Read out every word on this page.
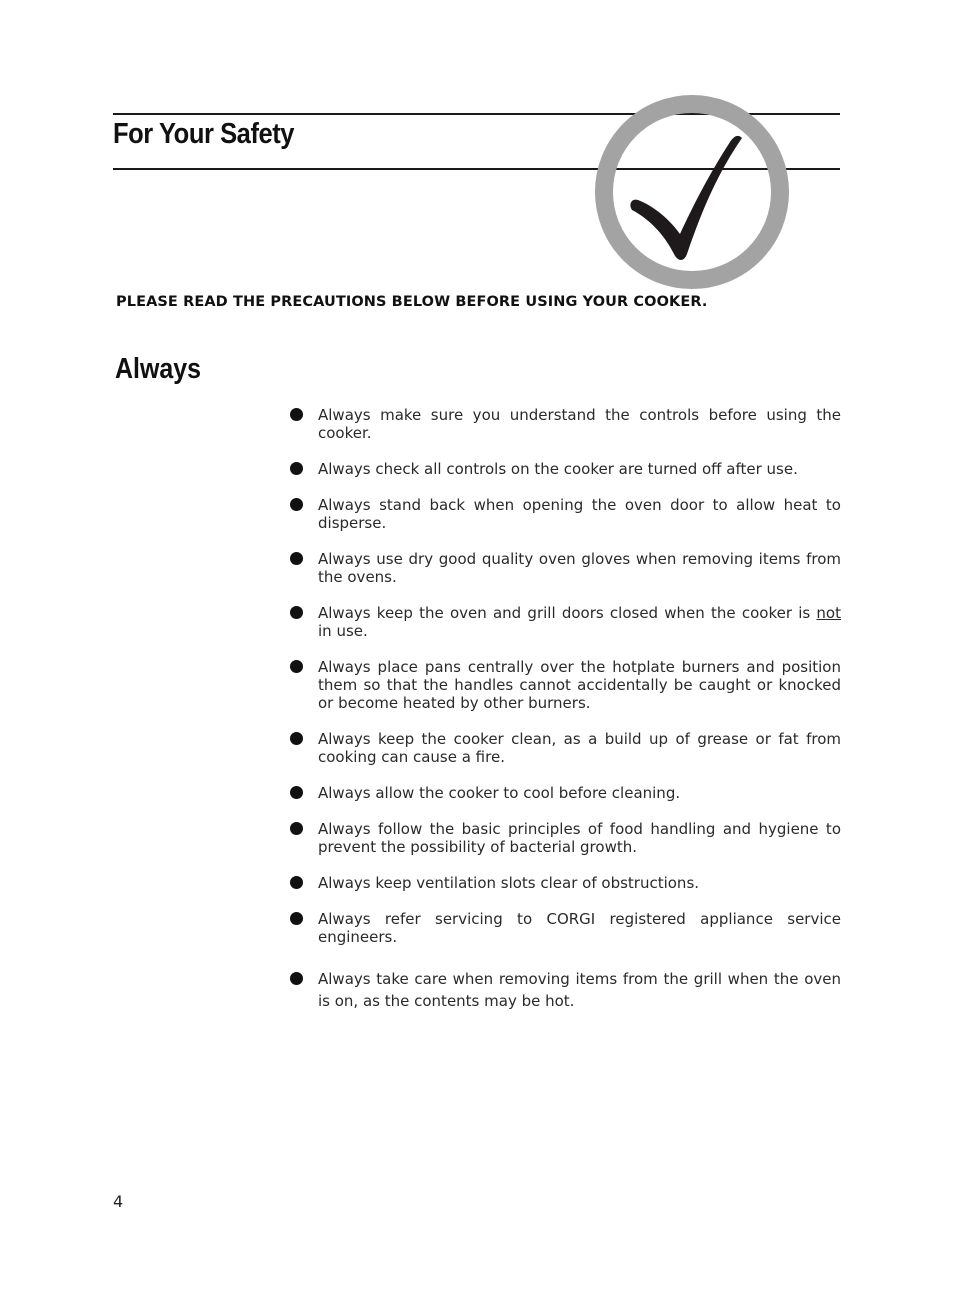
For Your Safety

PLEASE READ THE PRECAUTIONS BELOW BEFORE USING YOUR COOKER.

Always
Always make sure you understand the controls before using the cooker.
Always check all controls on the cooker are turned off after use.
Always stand back when opening the oven door to allow heat to disperse.
Always use dry good quality oven gloves when removing items from the ovens.
Always keep the oven and grill doors closed when the cooker is not in use.
Always place pans centrally over the hotplate burners and position them so that the handles cannot accidentally be caught or knocked or become heated by other burners.
Always keep the cooker clean, as a build up of grease or fat from cooking can cause a fire.
Always allow the cooker to cool before cleaning.
Always follow the basic principles of food handling and hygiene to prevent the possibility of bacterial growth.
Always keep ventilation slots clear of obstructions.
Always refer servicing to CORGI registered appliance service engineers.
Always take care when removing items from the grill when the oven is on, as the contents may be hot.

4
